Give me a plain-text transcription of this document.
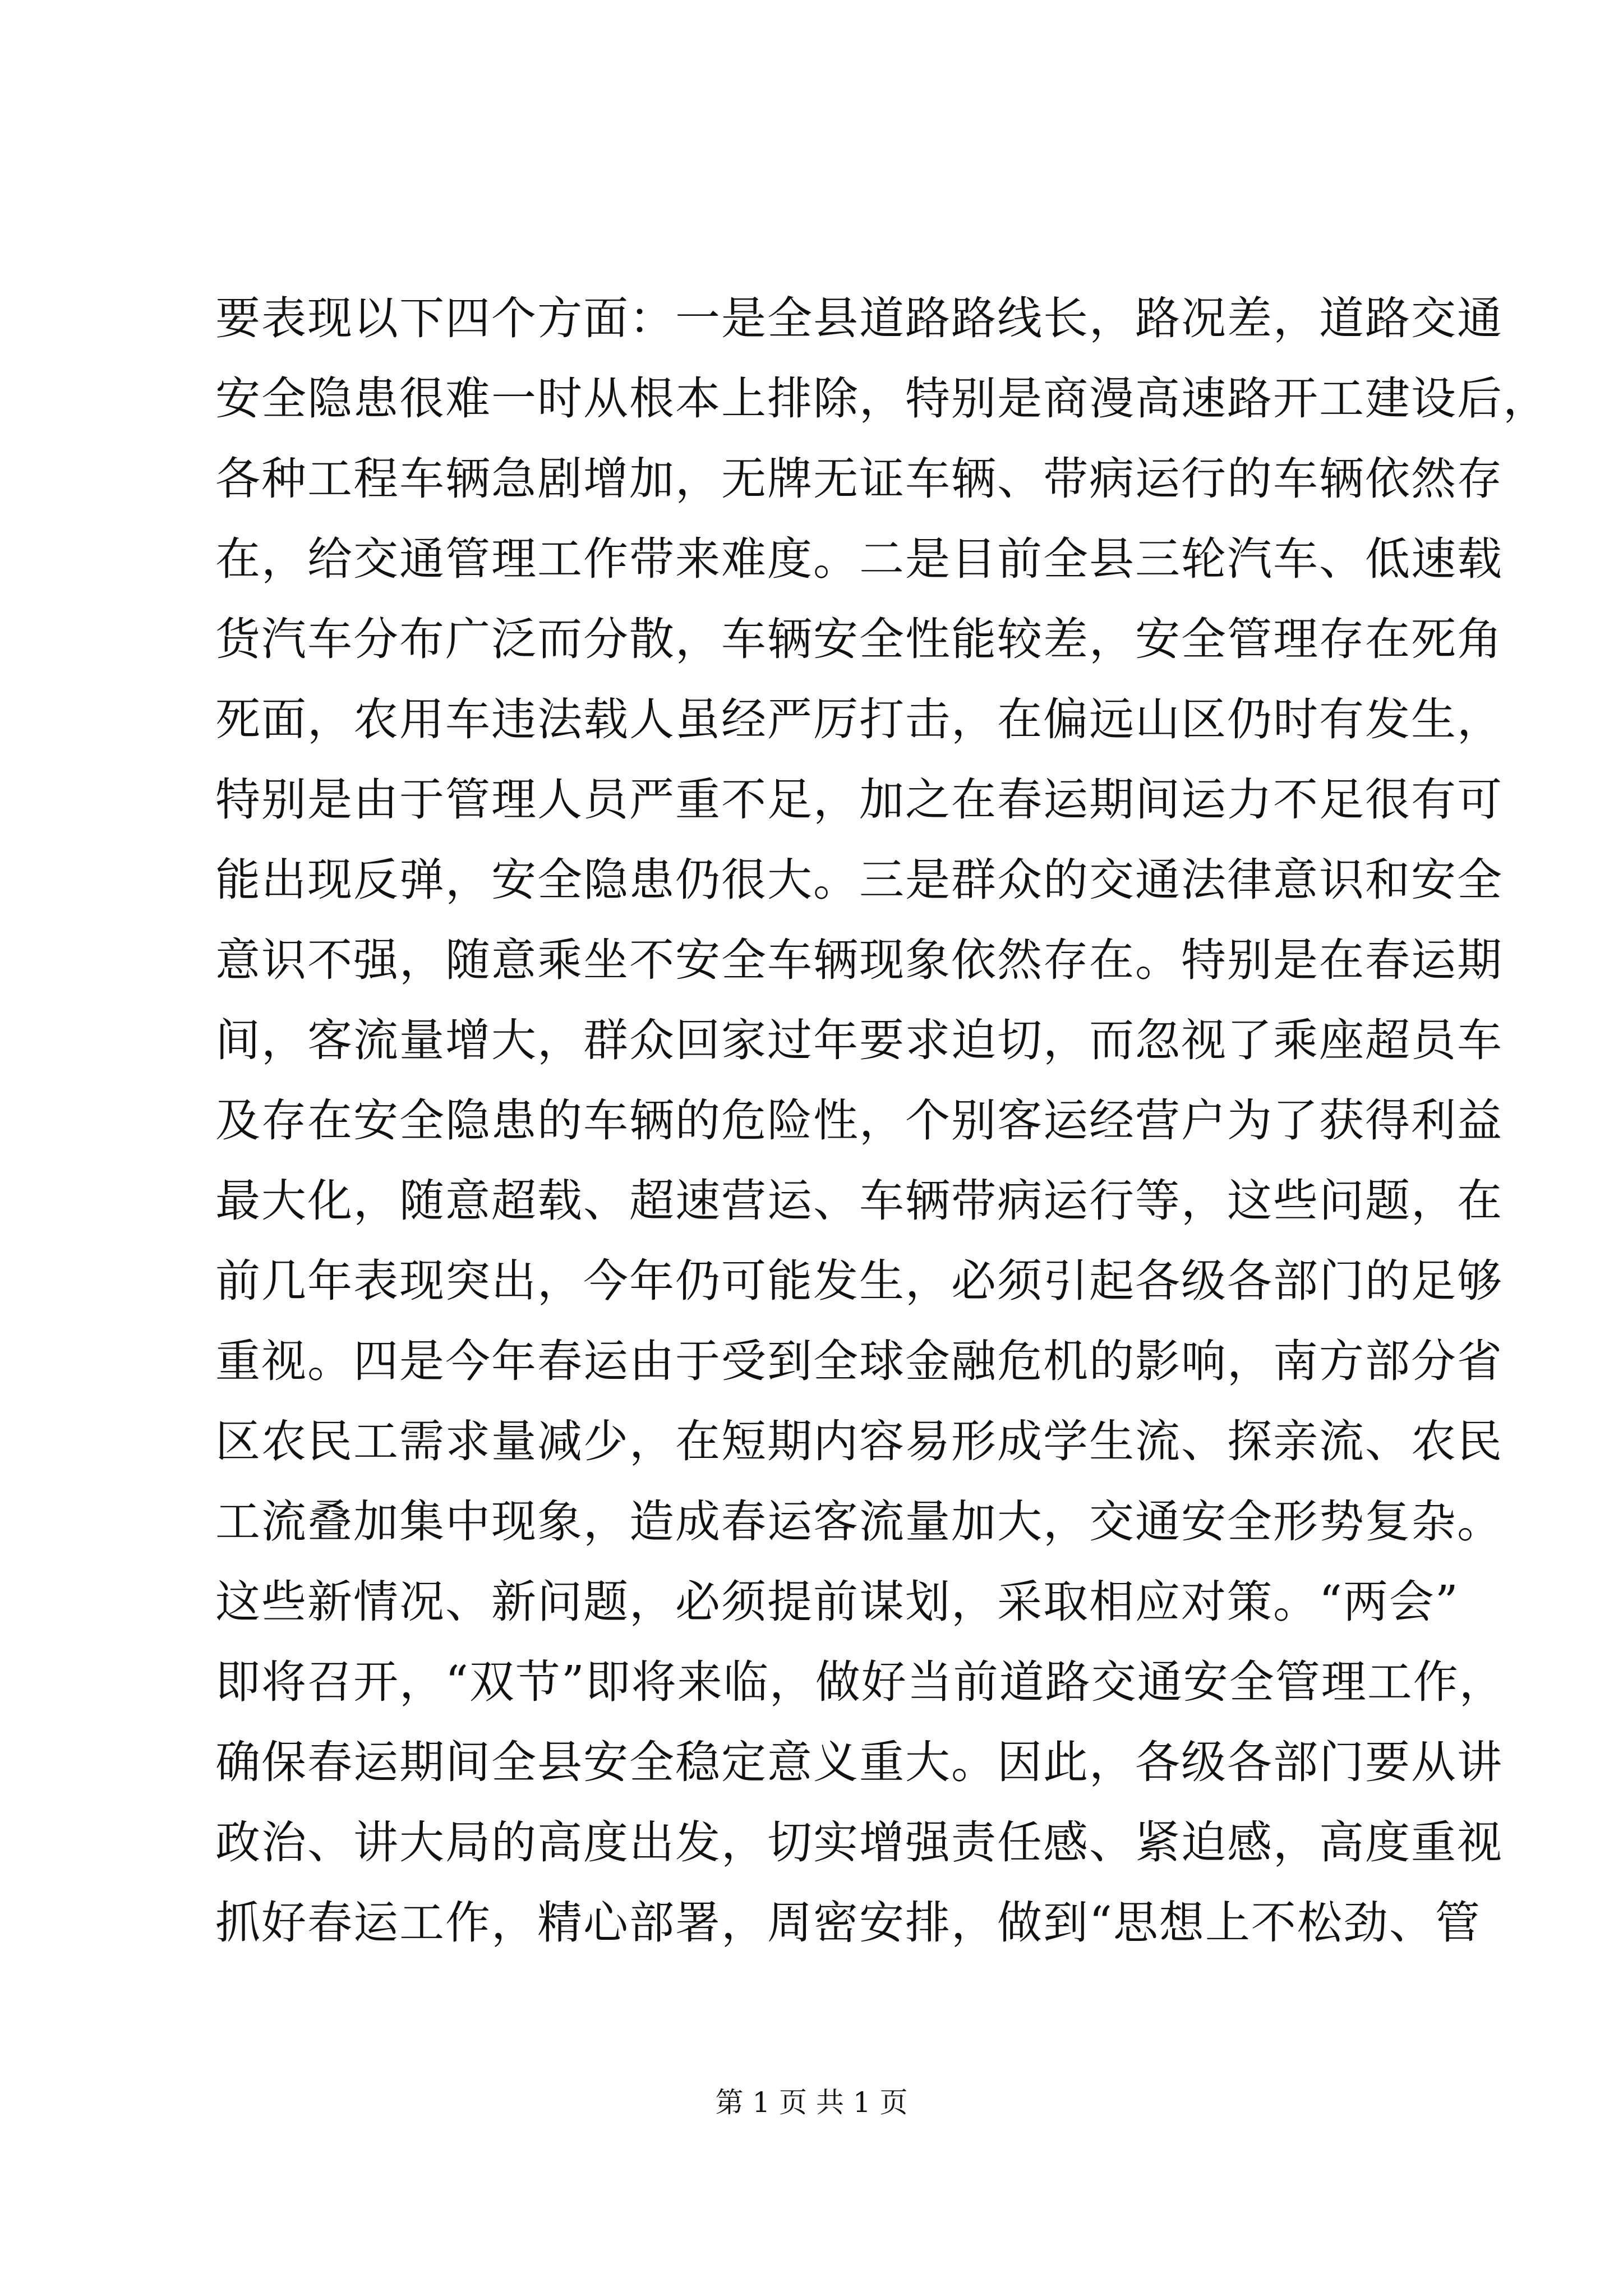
要表现以下四个方面：一是全县道路路线长，路况差，道路交通
安全隐患很难一时从根本上排除，特别是商漫高速路开工建设后，
各种工程车辆急剧增加，无牌无证车辆、带病运行的车辆依然存
在，给交通管理工作带来难度。二是目前全县三轮汽车、低速载
货汽车分布广泛而分散，车辆安全性能较差，安全管理存在死角
死面，农用车违法载人虽经严厉打击，在偏远山区仍时有发生，
特别是由于管理人员严重不足，加之在春运期间运力不足很有可
能出现反弹，安全隐患仍很大。三是群众的交通法律意识和安全
意识不强，随意乘坐不安全车辆现象依然存在。特别是在春运期
间，客流量增大，群众回家过年要求迫切，而忽视了乘座超员车
及存在安全隐患的车辆的危险性，个别客运经营户为了获得利益
最大化，随意超载、超速营运、车辆带病运行等，这些问题，在
前几年表现突出，今年仍可能发生，必须引起各级各部门的足够
重视。四是今年春运由于受到全球金融危机的影响，南方部分省
区农民工需求量减少，在短期内容易形成学生流、探亲流、农民
工流叠加集中现象，造成春运客流量加大，交通安全形势复杂。
这些新情况、新问题，必须提前谋划，采取相应对策。“两会”
即将召开，“双节”即将来临，做好当前道路交通安全管理工作，
确保春运期间全县安全稳定意义重大。因此，各级各部门要从讲
政治、讲大局的高度出发，切实增强责任感、紧迫感，高度重视
抓好春运工作，精心部署，周密安排，做到“思想上不松劲、管
第 1 页 共 1 页
